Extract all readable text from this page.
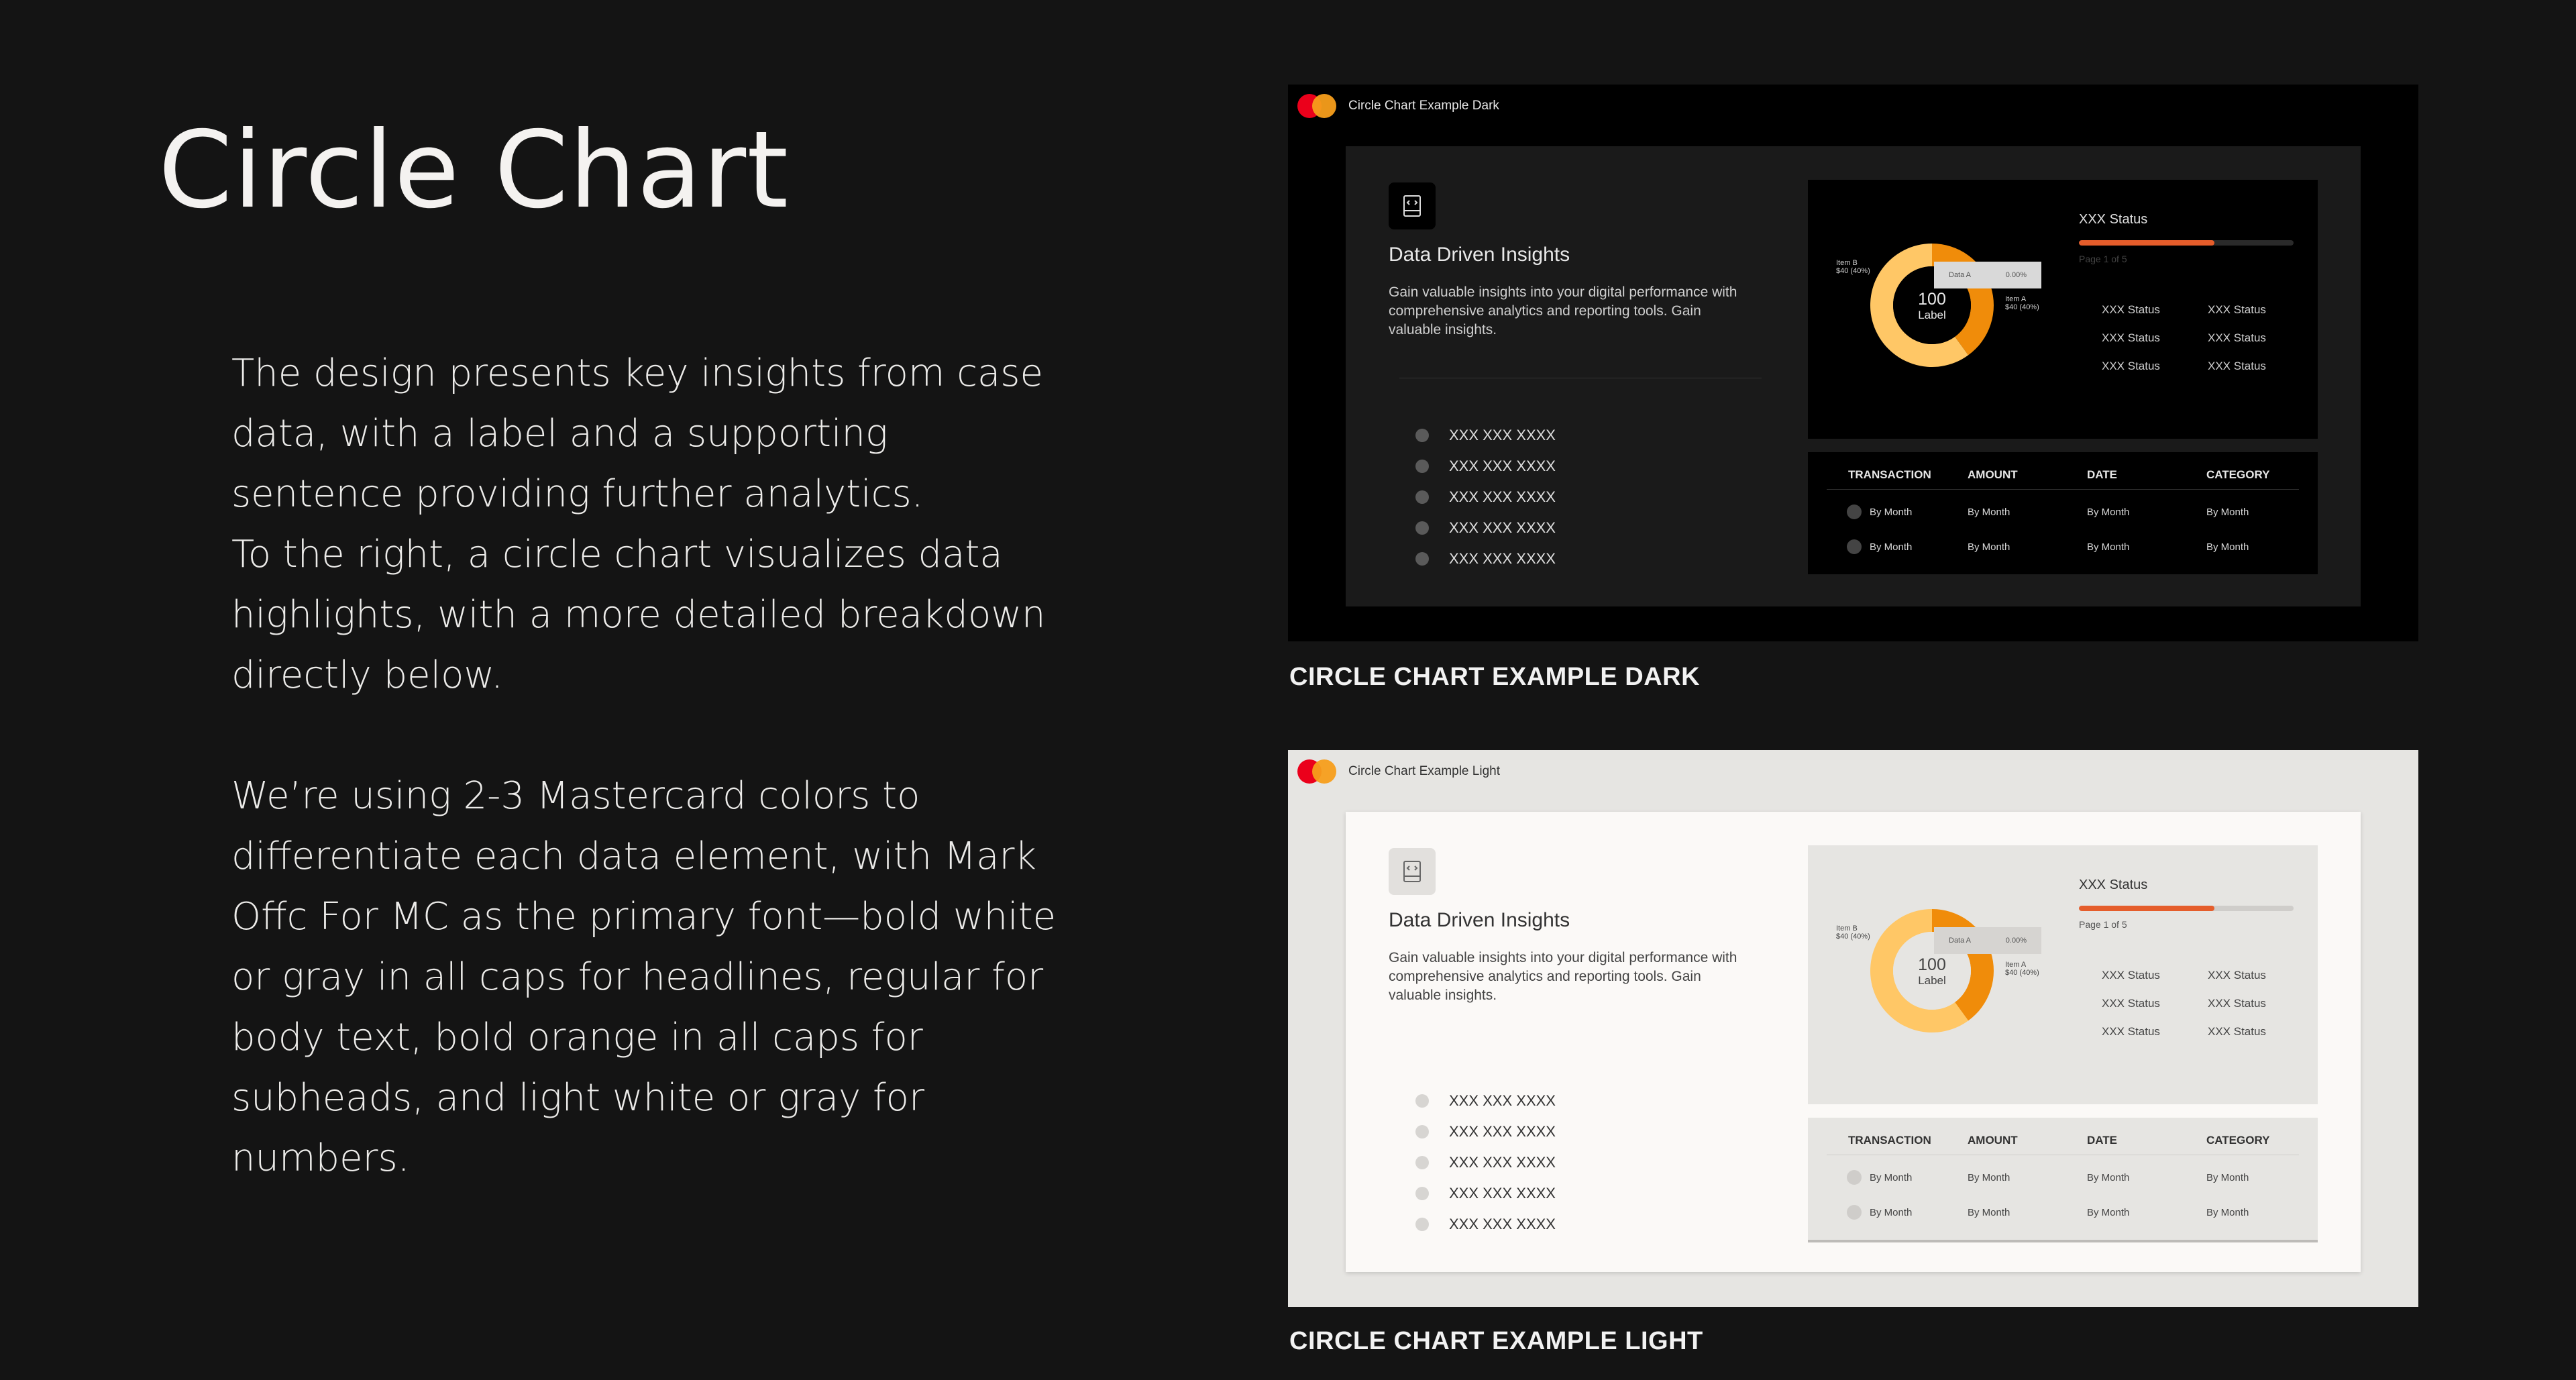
Circle Chart

The design presents key insights from case data, with a label and a supporting sentence providing further analytics.

To the right, a circle chart visualizes data highlights, with a more detailed breakdown directly below.

We’re using 2-3 Mastercard colors to differentiate each data element, with Mark Offc For MC as the primary font—bold white or gray in all caps for headlines, regular for body text, bold orange in all caps for subheads, and light white or gray for numbers.

Circle Chart Example Dark
Data Driven Insights
Gain valuable insights into your digital performance with comprehensive analytics and reporting tools. Gain valuable insights.
XXX XXX XXXX
XXX XXX XXXX
XXX XXX XXXX
XXX XXX XXXX
XXX XXX XXXX
Item B
$40 (40%)
Item A
$40 (40%)
Data A	0.00%
100
Label
XXX Status
Page 1 of 5
XXX Status	XXX Status
XXX Status	XXX Status
XXX Status	XXX Status
TRANSACTION	AMOUNT	DATE	CATEGORY
By Month	By Month	By Month	By Month
By Month	By Month	By Month	By Month
CIRCLE CHART EXAMPLE DARK
Circle Chart Example Light
Data Driven Insights
Gain valuable insights into your digital performance with comprehensive analytics and reporting tools. Gain valuable insights.
XXX XXX XXXX
XXX XXX XXXX
XXX XXX XXXX
XXX XXX XXXX
XXX XXX XXXX
Item B
$40 (40%)
Item A
$40 (40%)
Data A	0.00%
100
Label
XXX Status
Page 1 of 5
XXX Status	XXX Status
XXX Status	XXX Status
XXX Status	XXX Status
TRANSACTION	AMOUNT	DATE	CATEGORY
By Month	By Month	By Month	By Month
By Month	By Month	By Month	By Month
CIRCLE CHART EXAMPLE LIGHT
